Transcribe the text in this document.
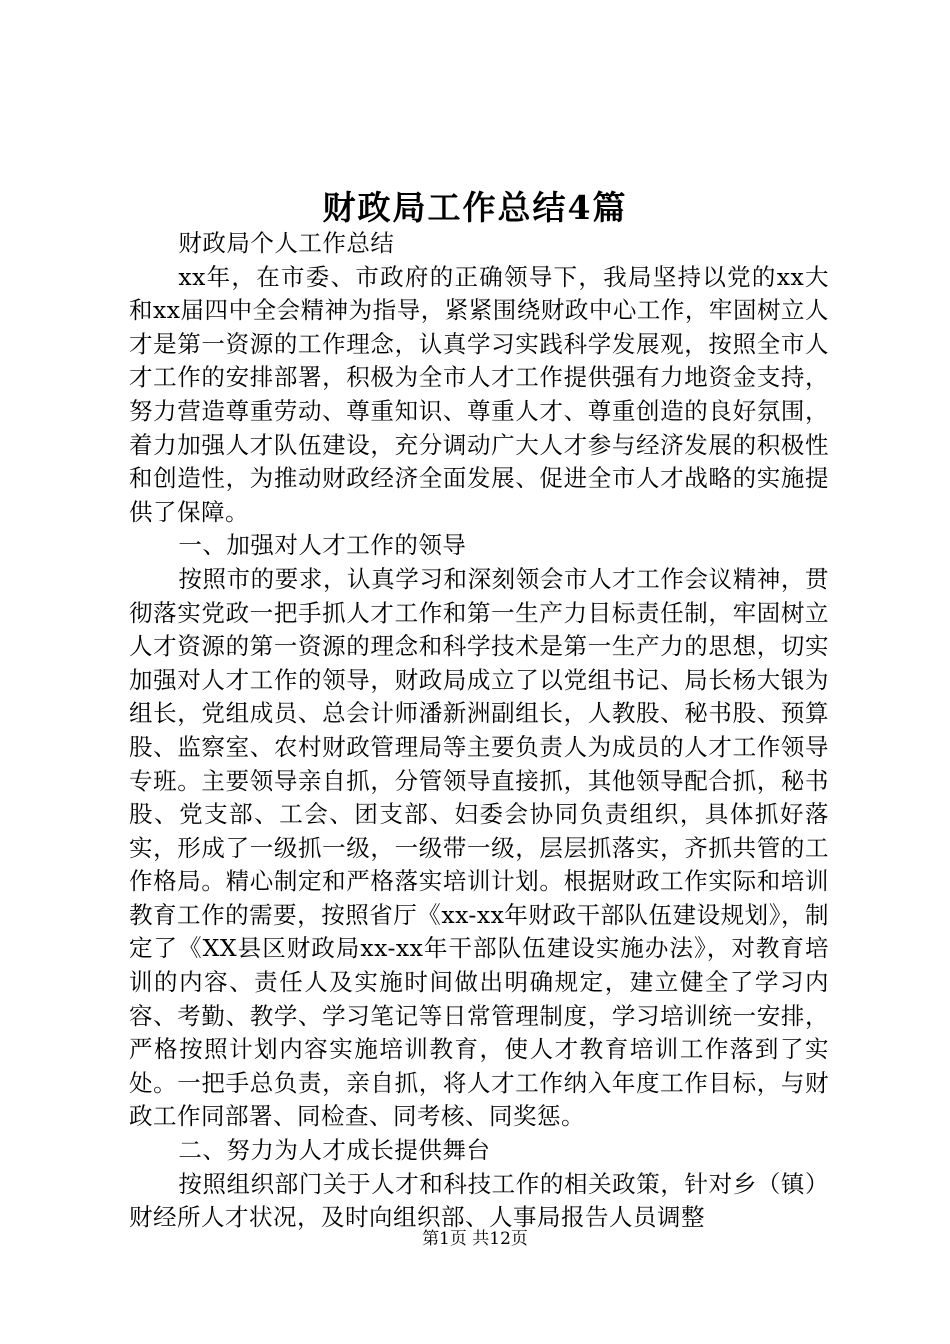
财政局工作总结4篇

财政局个人工作总结

xx年，在市委、市政府的正确领导下，我局坚持以党的xx大和xx届四中全会精神为指导，紧紧围绕财政中心工作，牢固树立人才是第一资源的工作理念，认真学习实践科学发展观，按照全市人才工作的安排部署，积极为全市人才工作提供强有力地资金支持，努力营造尊重劳动、尊重知识、尊重人才、尊重创造的良好氛围，着力加强人才队伍建设，充分调动广大人才参与经济发展的积极性和创造性，为推动财政经济全面发展、促进全市人才战略的实施提供了保障。

一、加强对人才工作的领导

按照市的要求，认真学习和深刻领会市人才工作会议精神，贯彻落实党政一把手抓人才工作和第一生产力目标责任制，牢固树立人才资源的第一资源的理念和科学技术是第一生产力的思想，切实加强对人才工作的领导，财政局成立了以党组书记、局长杨大银为组长，党组成员、总会计师潘新洲副组长，人教股、秘书股、预算股、监察室、农村财政管理局等主要负责人为成员的人才工作领导专班。主要领导亲自抓，分管领导直接抓，其他领导配合抓，秘书股、党支部、工会、团支部、妇委会协同负责组织，具体抓好落实，形成了一级抓一级，一级带一级，层层抓落实，齐抓共管的工作格局。精心制定和严格落实培训计划。根据财政工作实际和培训教育工作的需要，按照省厅《xx-xx年财政干部队伍建设规划》，制定了《XX县区财政局xx-xx年干部队伍建设实施办法》，对教育培训的内容、责任人及实施时间做出明确规定，建立健全了学习内容、考勤、教学、学习笔记等日常管理制度，学习培训统一安排，严格按照计划内容实施培训教育，使人才教育培训工作落到了实处。一把手总负责，亲自抓，将人才工作纳入年度工作目标，与财政工作同部署、同检查、同考核、同奖惩。

二、努力为人才成长提供舞台

按照组织部门关于人才和科技工作的相关政策，针对乡（镇）财经所人才状况，及时向组织部、人事局报告人员调整

第1页 共12页
